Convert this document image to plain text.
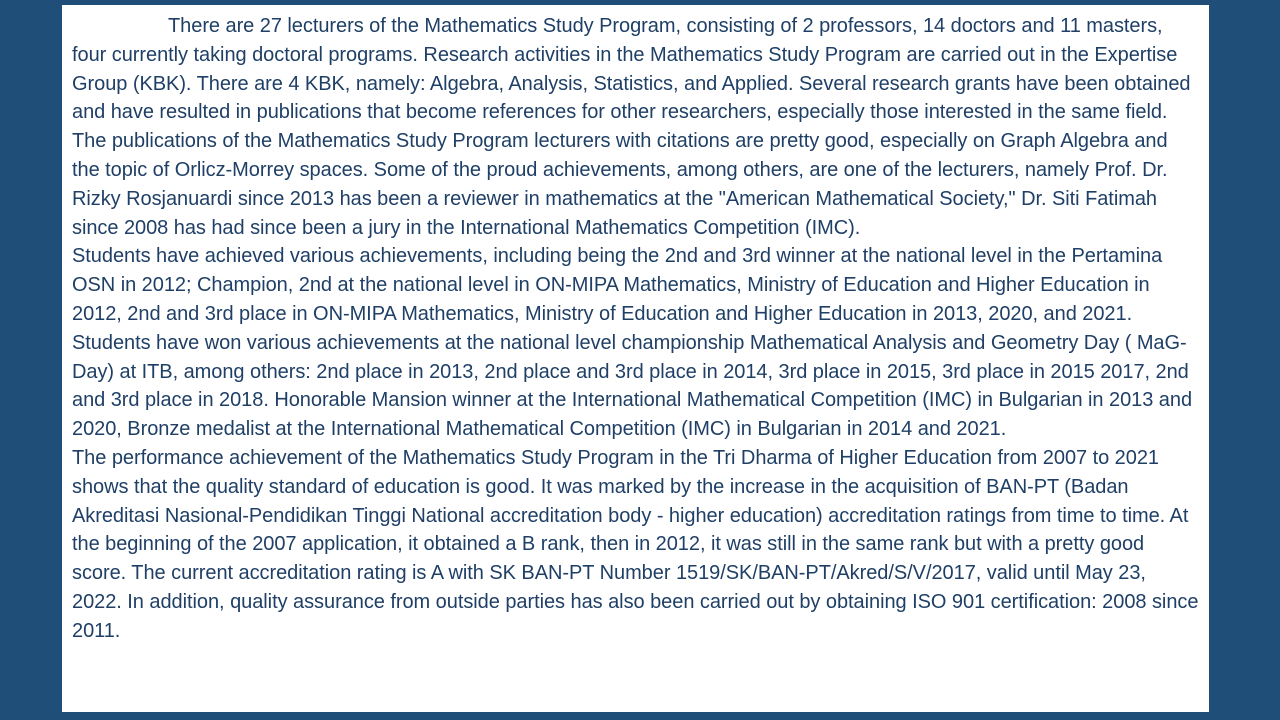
There are 27 lecturers of the Mathematics Study Program, consisting of 2 professors, 14 doctors and 11 masters, four currently taking doctoral programs. Research activities in the Mathematics Study Program are carried out in the Expertise Group (KBK). There are 4 KBK, namely: Algebra, Analysis, Statistics, and Applied. Several research grants have been obtained and have resulted in publications that become references for other researchers, especially those interested in the same field. The publications of the Mathematics Study Program lecturers with citations are pretty good, especially on Graph Algebra and the topic of Orlicz-Morrey spaces. Some of the proud achievements, among others, are one of the lecturers, namely Prof. Dr. Rizky Rosjanuardi since 2013 has been a reviewer in mathematics at the "American Mathematical Society," Dr. Siti Fatimah since 2008 has had since been a jury in the International Mathematics Competition (IMC).

Students have achieved various achievements, including being the 2nd and 3rd winner at the national level in the Pertamina OSN in 2012; Champion, 2nd at the national level in ON-MIPA Mathematics, Ministry of Education and Higher Education in 2012, 2nd and 3rd place in ON-MIPA Mathematics, Ministry of Education and Higher Education in 2013, 2020, and 2021. Students have won various achievements at the national level championship Mathematical Analysis and Geometry Day ( MaG-Day) at ITB, among others: 2nd place in 2013, 2nd place and 3rd place in 2014, 3rd place in 2015, 3rd place in 2015 2017, 2nd and 3rd place in 2018. Honorable Mansion winner at the International Mathematical Competition (IMC) in Bulgarian in 2013 and 2020, Bronze medalist at the International Mathematical Competition (IMC) in Bulgarian in 2014 and 2021.

The performance achievement of the Mathematics Study Program in the Tri Dharma of Higher Education from 2007 to 2021 shows that the quality standard of education is good. It was marked by the increase in the acquisition of BAN-PT (Badan Akreditasi Nasional-Pendidikan Tinggi National accreditation body - higher education) accreditation ratings from time to time. At the beginning of the 2007 application, it obtained a B rank, then in 2012, it was still in the same rank but with a pretty good score. The current accreditation rating is A with SK BAN-PT Number 1519/SK/BAN-PT/Akred/S/V/2017, valid until May 23, 2022. In addition, quality assurance from outside parties has also been carried out by obtaining ISO 901 certification: 2008 since 2011.
